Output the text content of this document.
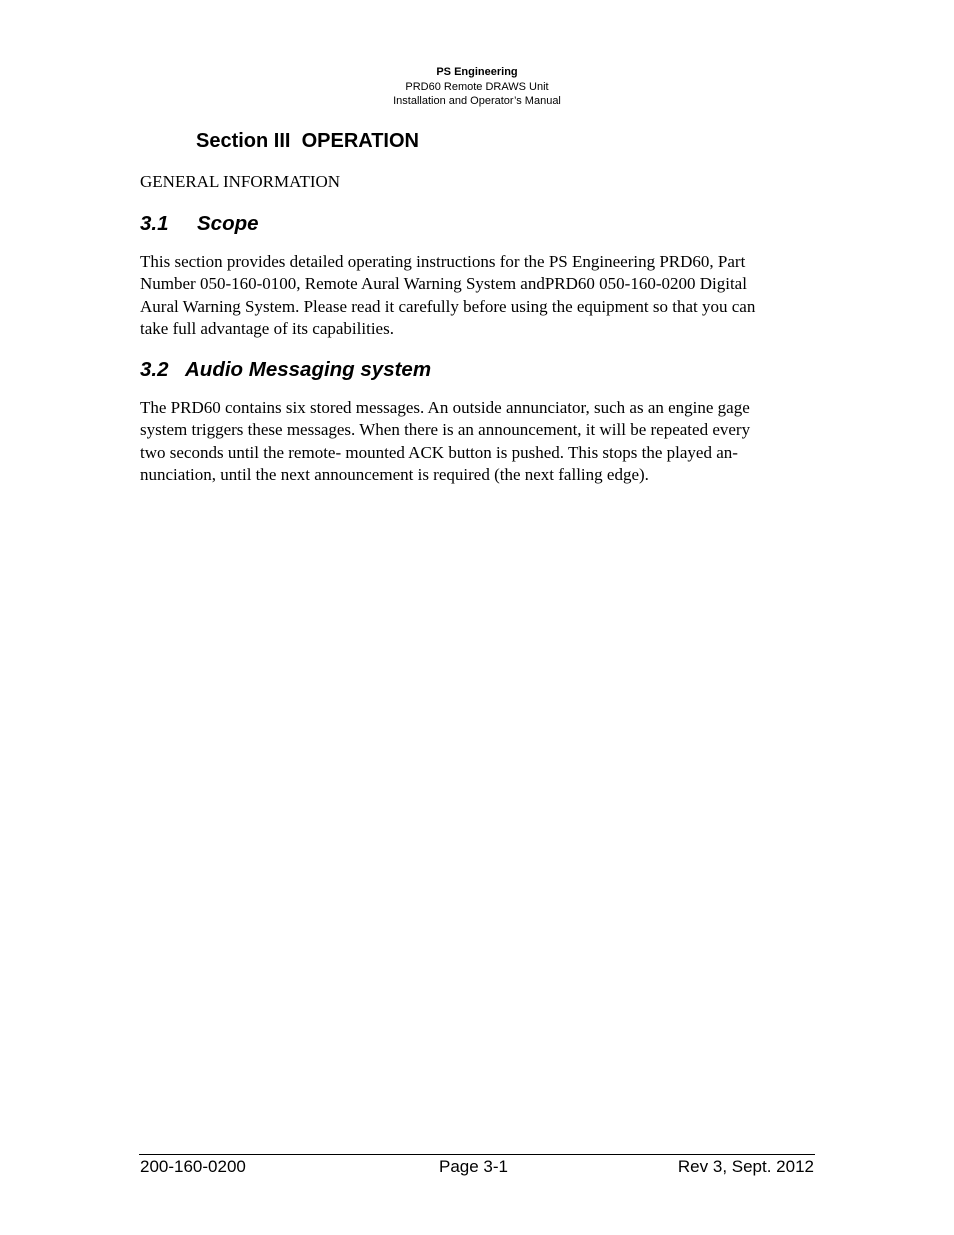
PS Engineering
PRD60 Remote DRAWS Unit
Installation and Operator’s Manual
Section III  OPERATION

GENERAL INFORMATION

3.1 Scope
This section provides detailed operating instructions for the PS Engineering PRD60, Part
Number 050-160-0100, Remote Aural Warning System andPRD60 050-160-0200 Digital
Aural Warning System. Please read it carefully before using the equipment so that you can
take full advantage of its capabilities.
3.2 Audio Messaging system
The PRD60 contains six stored messages. An outside annunciator, such as an engine gage
system triggers these messages. When there is an announcement, it will be repeated every
two seconds until the remote- mounted ACK button is pushed. This stops the played an-
nunciation, until the next announcement is required (the next falling edge).
200-160-0200	Page 3-1	Rev 3, Sept. 2012
